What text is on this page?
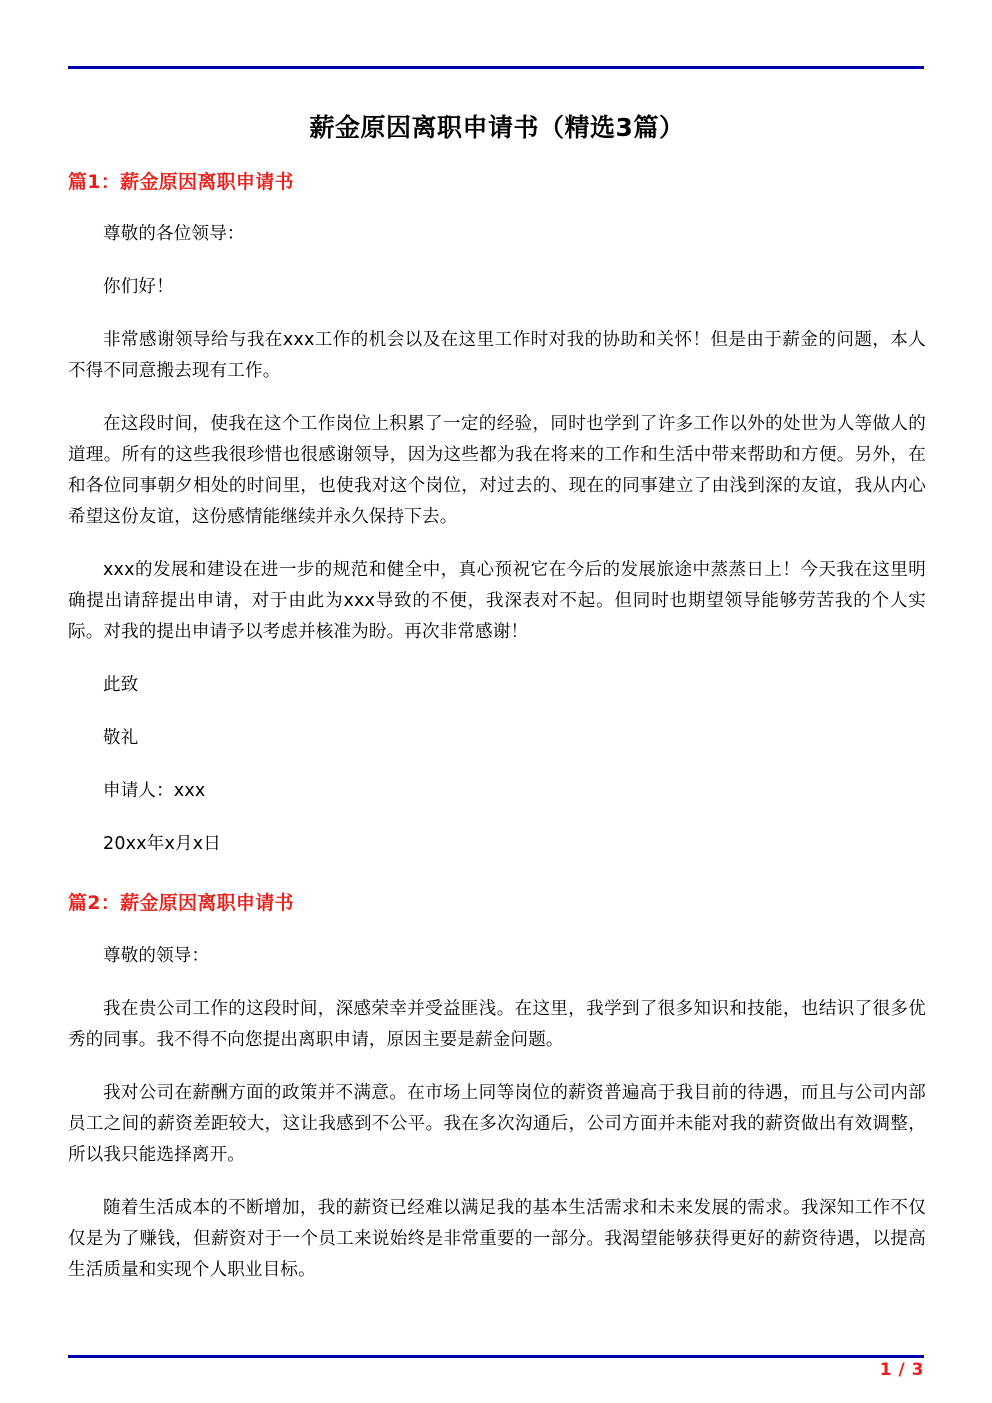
薪金原因离职申请书（精选3篇）
篇1：薪金原因离职申请书

尊敬的各位领导：

你们好！

非常感谢领导给与我在xxx工作的机会以及在这里工作时对我的协助和关怀！但是由于薪金的问题，本人不得不同意搬去现有工作。

在这段时间，使我在这个工作岗位上积累了一定的经验，同时也学到了许多工作以外的处世为人等做人的道理。所有的这些我很珍惜也很感谢领导，因为这些都为我在将来的工作和生活中带来帮助和方便。另外，在和各位同事朝夕相处的时间里，也使我对这个岗位，对过去的、现在的同事建立了由浅到深的友谊，我从内心希望这份友谊，这份感情能继续并永久保持下去。

xxx的发展和建设在进一步的规范和健全中，真心预祝它在今后的发展旅途中蒸蒸日上！今天我在这里明确提出请辞提出申请，对于由此为xxx导致的不便，我深表对不起。但同时也期望领导能够劳苦我的个人实际。对我的提出申请予以考虑并核准为盼。再次非常感谢！

此致

敬礼

申请人：xxx

20xx年x月x日

篇2：薪金原因离职申请书

尊敬的领导：

我在贵公司工作的这段时间，深感荣幸并受益匪浅。在这里，我学到了很多知识和技能，也结识了很多优秀的同事。我不得不向您提出离职申请，原因主要是薪金问题。

我对公司在薪酬方面的政策并不满意。在市场上同等岗位的薪资普遍高于我目前的待遇，而且与公司内部员工之间的薪资差距较大，这让我感到不公平。我在多次沟通后，公司方面并未能对我的薪资做出有效调整，所以我只能选择离开。

随着生活成本的不断增加，我的薪资已经难以满足我的基本生活需求和未来发展的需求。我深知工作不仅仅是为了赚钱，但薪资对于一个员工来说始终是非常重要的一部分。我渴望能够获得更好的薪资待遇，以提高生活质量和实现个人职业目标。

1 / 3
